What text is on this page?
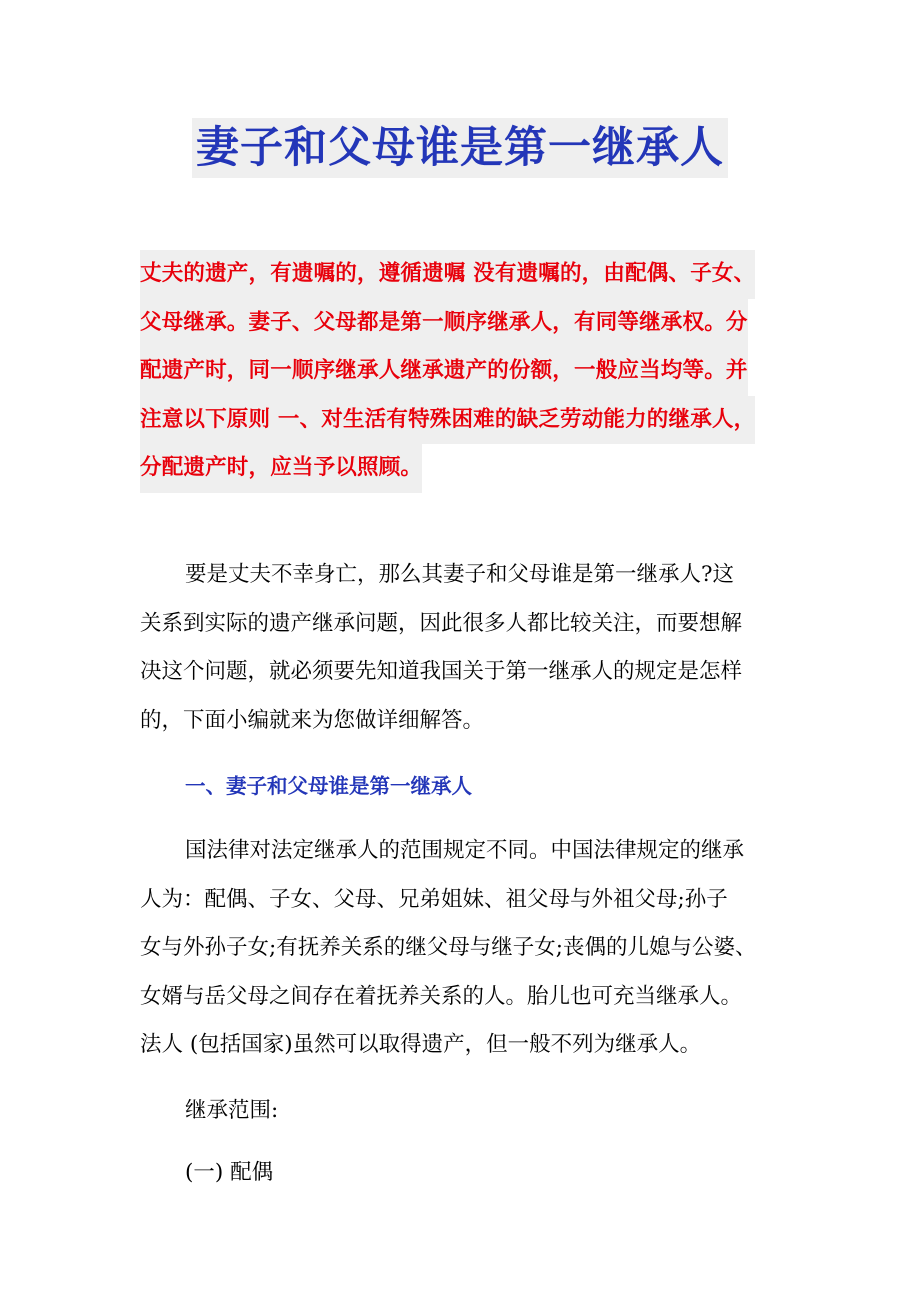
妻子和父母谁是第一继承人
丈夫的遗产，有遗嘱的，遵循遗嘱 没有遗嘱的，由配偶、子女、
父母继承。妻子、父母都是第一顺序继承人，有同等继承权。分
配遗产时，同一顺序继承人继承遗产的份额，一般应当均等。并
注意以下原则 一、对生活有特殊困难的缺乏劳动能力的继承人，
分配遗产时，应当予以照顾。
要是丈夫不幸身亡，那么其妻子和父母谁是第一继承人?这
关系到实际的遗产继承问题，因此很多人都比较关注，而要想解
决这个问题，就必须要先知道我国关于第一继承人的规定是怎样
的，下面小编就来为您做详细解答。
一、妻子和父母谁是第一继承人
国法律对法定继承人的范围规定不同。中国法律规定的继承
人为：配偶、子女、父母、兄弟姐妹、祖父母与外祖父母;孙子
女与外孙子女;有抚养关系的继父母与继子女;丧偶的儿媳与公婆、
女婿与岳父母之间存在着抚养关系的人。胎儿也可充当继承人。
法人 (包括国家)虽然可以取得遗产，但一般不列为继承人。
继承范围:
(一) 配偶
